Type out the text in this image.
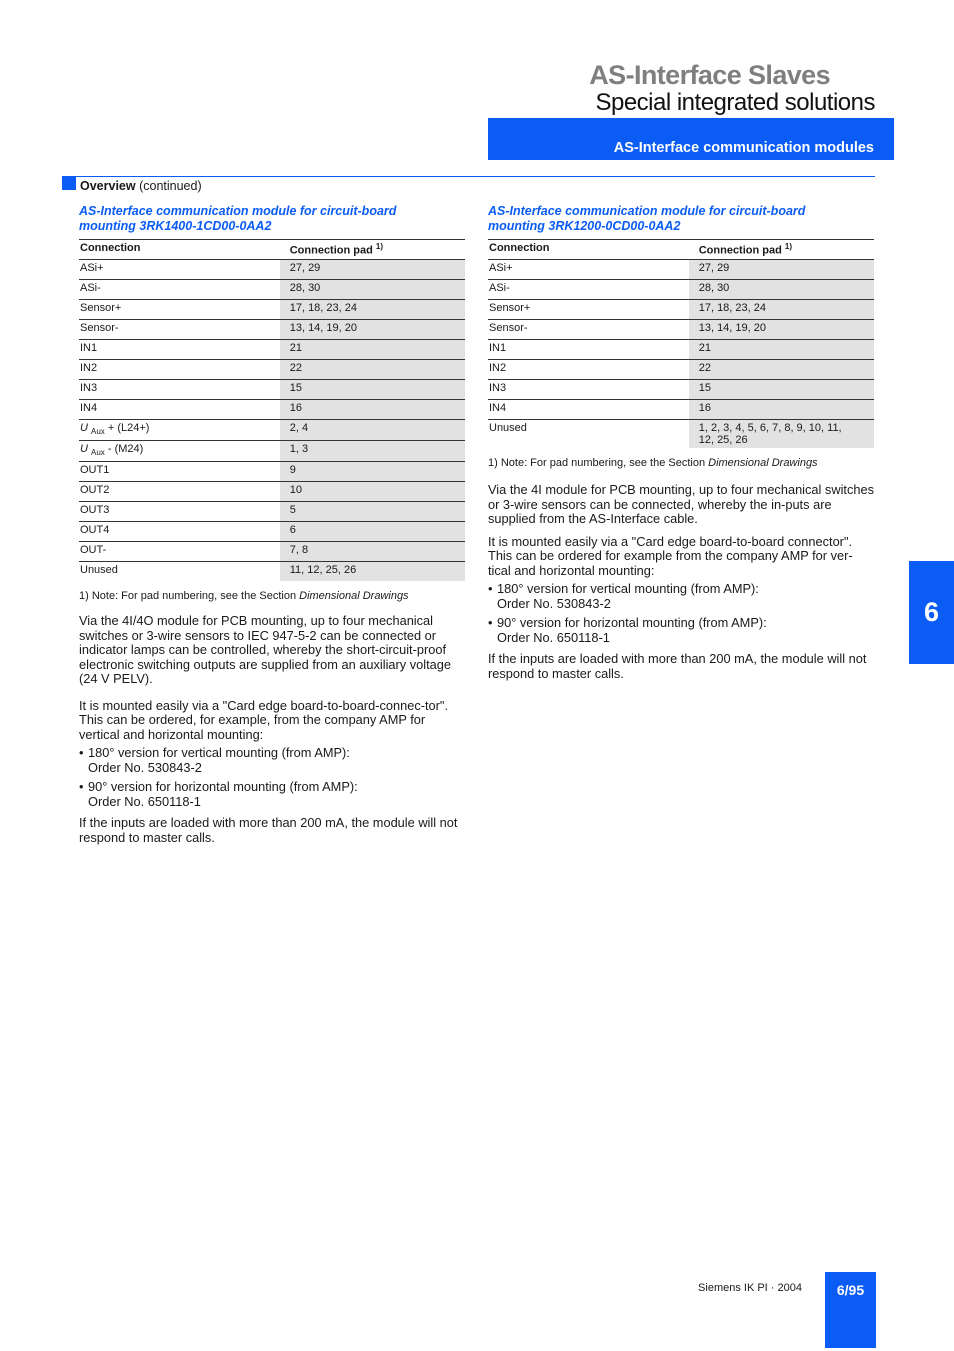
AS-Interface Slaves
Special integrated solutions
AS-Interface communication modules
Overview (continued)
AS-Interface communication module for circuit-board
mounting 3RK1400-1CD00-0AA2
Connection	Connection pad $^{1)}$
ASi+	27, 29
ASi-	28, 30
Sensor+	17, 18, 23, 24
Sensor-	13, 14, 19, 20
IN1	21
IN2	22
IN3	15
IN4	16
U $_{Aux}$ + (L24+)	2, 4
U $_{Aux}$ - (M24)	1, 3
OUT1	9
OUT2	10
OUT3	5
OUT4	6
OUT-	7, 8
Unused	11, 12, 25, 26
1) Note: For pad numbering, see the Section Dimensional Drawings
Via the 4I/4O module for PCB mounting, up to four mechanical switches or 3-wire sensors to IEC 947-5-2 can be connected or indicator lamps can be controlled, whereby the short-circuit-proof electronic switching outputs are supplied from an auxiliary voltage (24 V PELV).
It is mounted easily via a "Card edge board-to-board-connec-tor". This can be ordered, for example, from the company AMP for vertical and horizontal mounting:
• 180° version for vertical mounting (from AMP):
Order No. 530843-2
• 90° version for horizontal mounting (from AMP):
Order No. 650118-1
If the inputs are loaded with more than 200 mA, the module will not respond to master calls.
AS-Interface communication module for circuit-board
mounting 3RK1200-0CD00-0AA2
Connection	Connection pad $^{1)}$
ASi+	27, 29
ASi-	28, 30
Sensor+	17, 18, 23, 24
Sensor-	13, 14, 19, 20
IN1	21
IN2	22
IN3	15
IN4	16
Unused	1, 2, 3, 4, 5, 6, 7, 8, 9, 10, 11, 12, 25, 26
1) Note: For pad numbering, see the Section Dimensional Drawings
Via the 4I module for PCB mounting, up to four mechanical switches or 3-wire sensors can be connected, whereby the in-puts are supplied from the AS-Interface cable.
It is mounted easily via a "Card edge board-to-board connector". This can be ordered for example from the company AMP for ver-tical and horizontal mounting:
• 180° version for vertical mounting (from AMP):
Order No. 530843-2
• 90° version for horizontal mounting (from AMP):
Order No. 650118-1
If the inputs are loaded with more than 200 mA, the module will not respond to master calls.
6
Siemens IK PI · 2004	6/95
